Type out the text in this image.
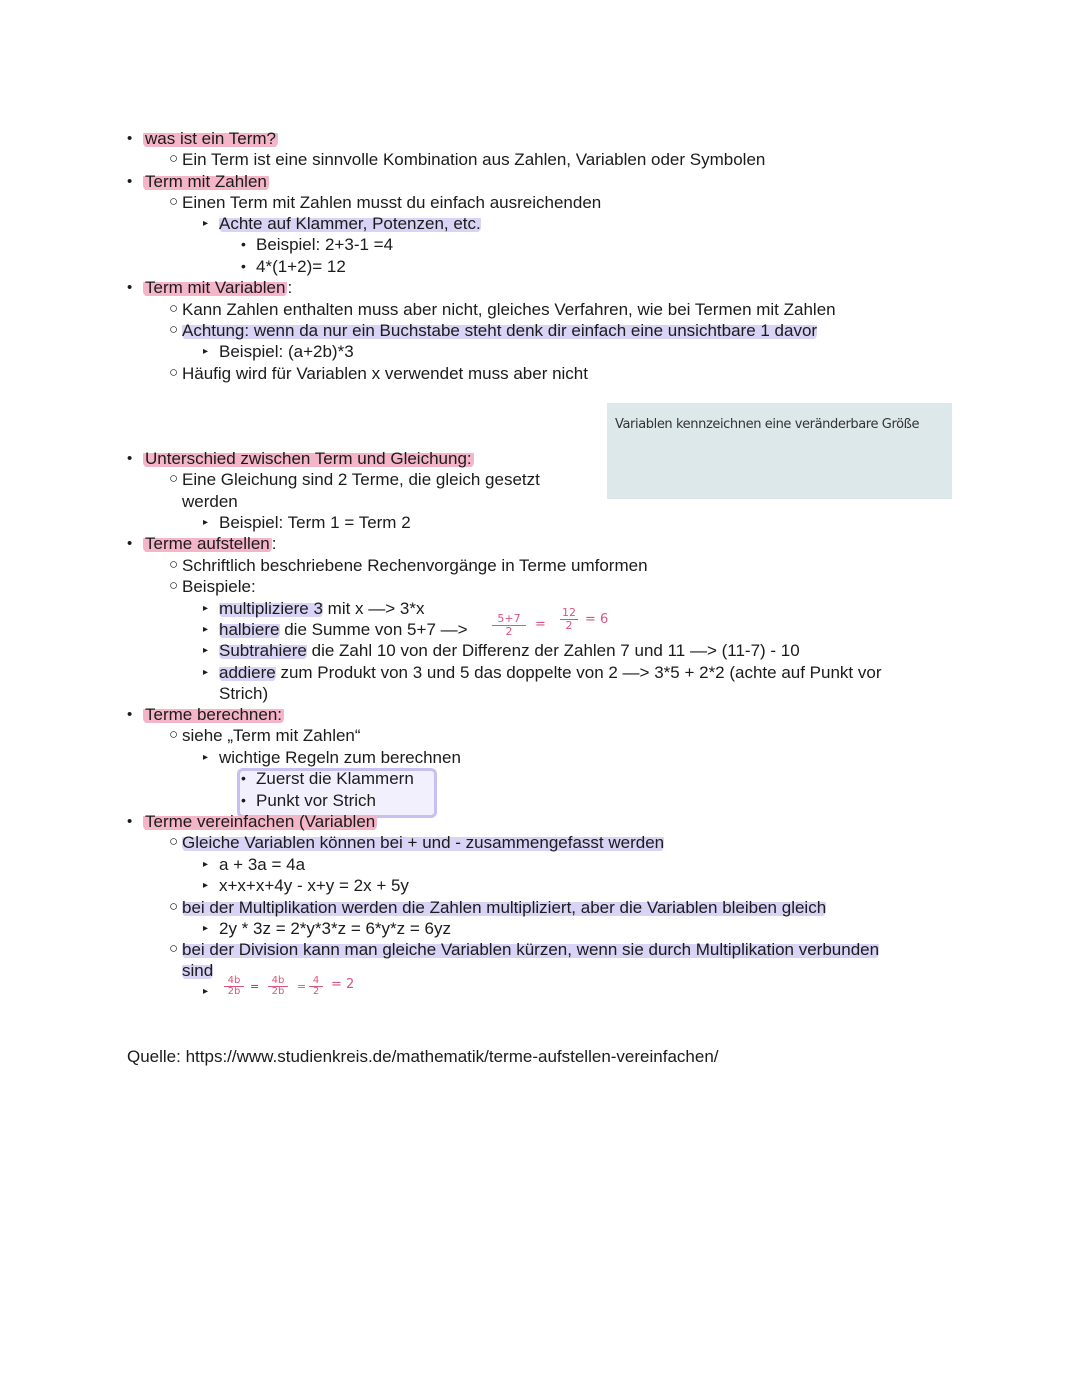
• was ist ein Term?
○ Ein Term ist eine sinnvolle Kombination aus Zahlen, Variablen oder Symbolen
• Term mit Zahlen
○ Einen Term mit Zahlen musst du einfach ausreichenden
▸ Achte auf Klammer, Potenzen, etc.
• Beispiel: 2+3-1 =4
• 4*(1+2)= 12
• Term mit Variablen :
○ Kann Zahlen enthalten muss aber nicht, gleiches Verfahren, wie bei Termen mit Zahlen
○ Achtung: wenn da nur ein Buchstabe steht denk dir einfach eine unsichtbare 1 davor
▸ Beispiel: (a+2b)*3
○ Häufig wird für Variablen x verwendet muss aber nicht
Variablen kennzeichnen eine veränderbare Größe
• Unterschied zwischen Term und Gleichung:
○ Eine Gleichung sind 2 Terme, die gleich gesetzt
werden
▸ Beispiel: Term 1 = Term 2
• Terme aufstellen :
○ Schriftlich beschriebene Rechenvorgänge in Terme umformen
○ Beispiele:
▸ multipliziere 3 mit x —> 3*x
▸ halbiere die Summe von 5+7 —> $\frac{5+7}{2} = \frac{12}{2} = 6$
▸ Subtrahiere die Zahl 10 von der Differenz der Zahlen 7 und 11 —> (11-7) - 10
▸ addiere zum Produkt von 3 und 5 das doppelte von 2 —> 3*5 + 2*2 (achte auf Punkt vor
Strich)
• Terme berechnen:
○ siehe „Term mit Zahlen“
▸ wichtige Regeln zum berechnen
• Zuerst die Klammern
• Punkt vor Strich
• Terme vereinfachen (Variablen
○ Gleiche Variablen können bei + und - zusammengefasst werden
▸ a + 3a = 4a
▸ x+x+x+4y - x+y = 2x + 5y
○ bei der Multiplikation werden die Zahlen multipliziert, aber die Variablen bleiben gleich
▸ 2y * 3z = 2*y*3*z = 6*y*z = 6yz
○ bei der Division kann man gleiche Variablen kürzen, wenn sie durch Multiplikation verbunden
sind
▸ $\frac{4b}{2b} = \frac{4b}{2b} = \frac{4}{2} = 2$
Quelle: https://www.studienkreis.de/mathematik/terme-aufstellen-vereinfachen/
